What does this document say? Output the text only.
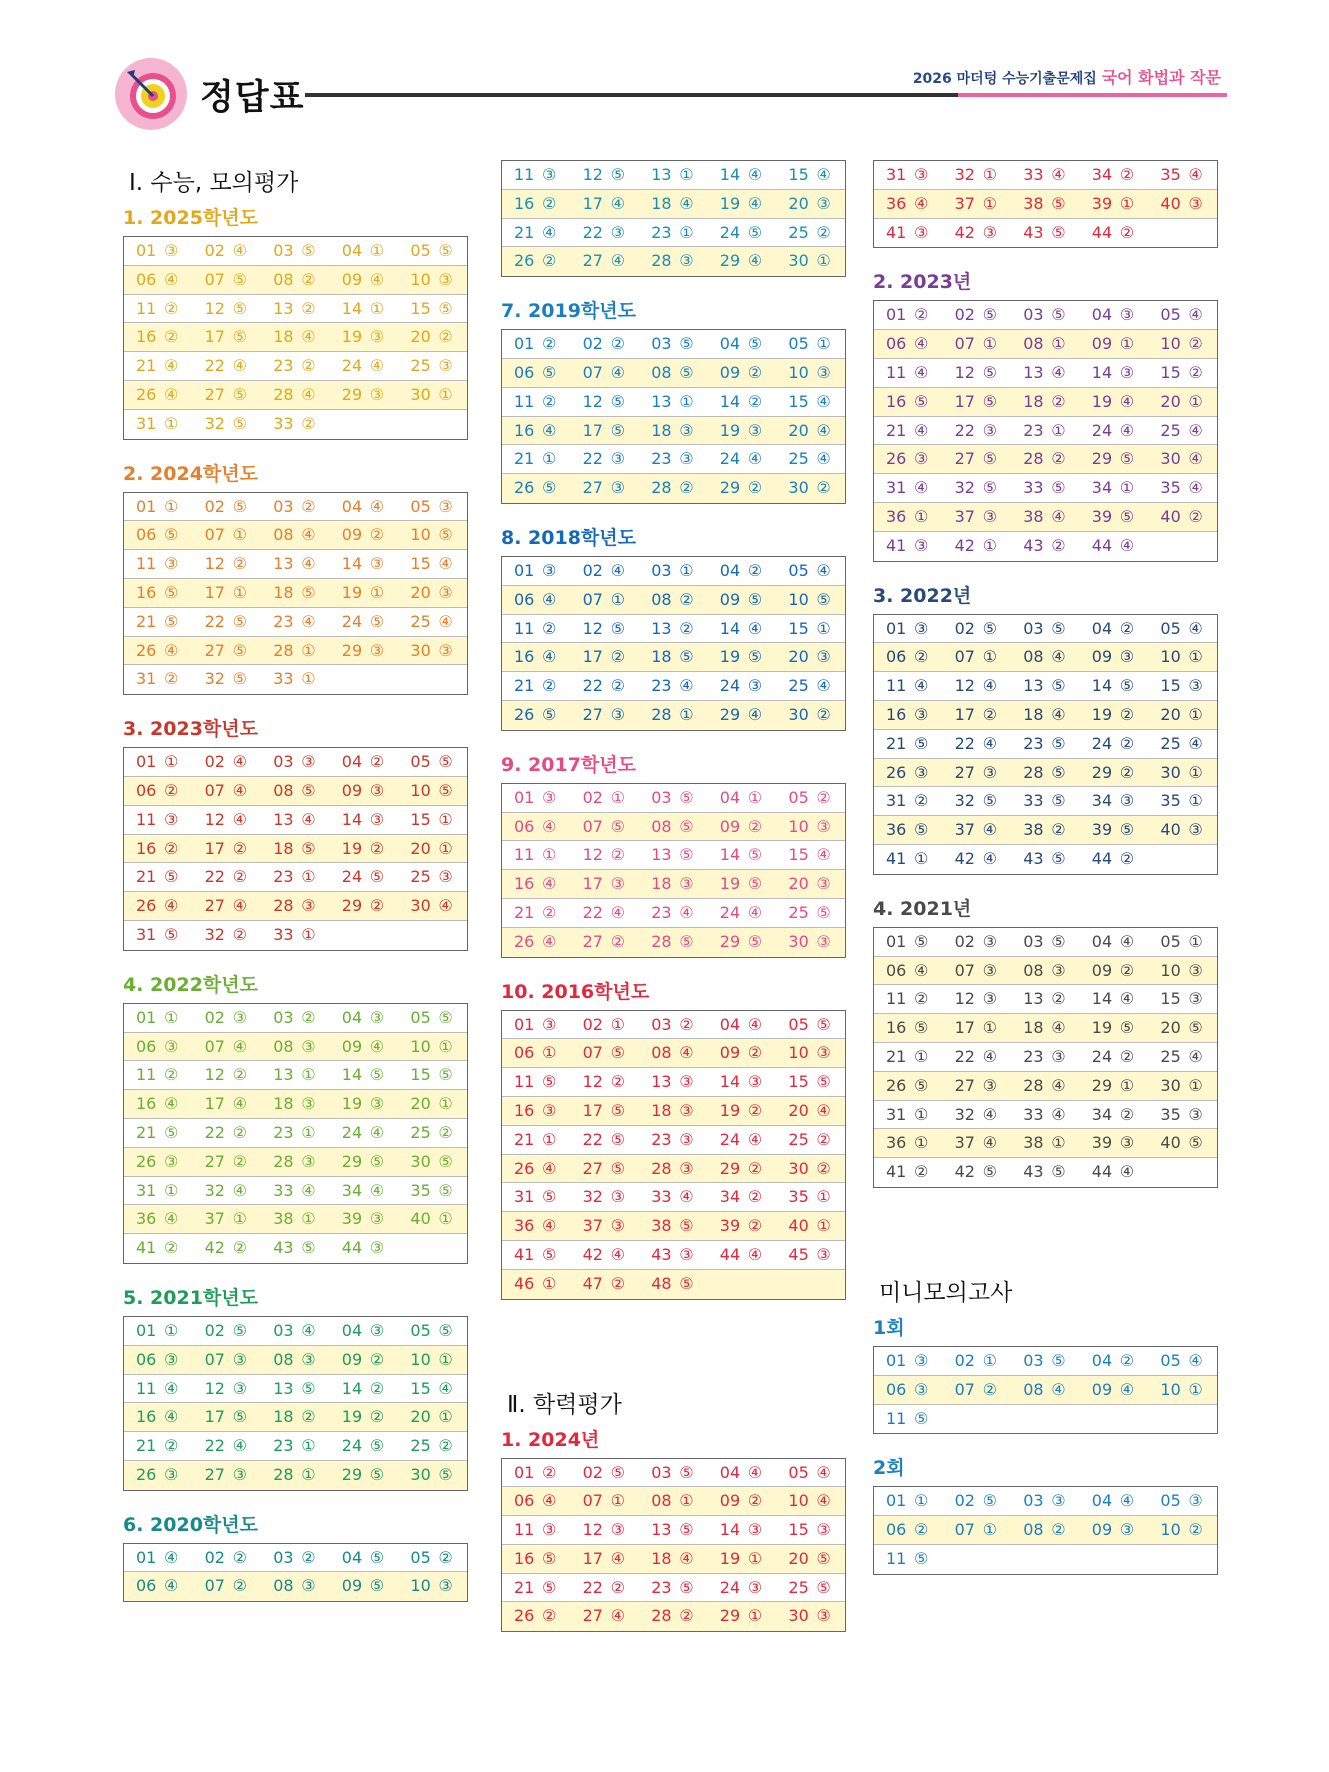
정답표	2026 마더텅 수능기출문제집 국어 화법과 작문
Ⅰ. 수능, 모의평가
1. 2025학년도
01 ③	02 ④	03 ⑤	04 ①	05 ⑤
06 ④	07 ⑤	08 ②	09 ④	10 ③
11 ②	12 ⑤	13 ②	14 ①	15 ⑤
16 ②	17 ⑤	18 ④	19 ③	20 ②
21 ④	22 ④	23 ②	24 ④	25 ③
26 ④	27 ⑤	28 ④	29 ③	30 ①
31 ①	32 ⑤	33 ②
2. 2024학년도
01 ①	02 ⑤	03 ②	04 ④	05 ③
06 ⑤	07 ①	08 ④	09 ②	10 ⑤
11 ③	12 ②	13 ④	14 ③	15 ④
16 ⑤	17 ①	18 ⑤	19 ①	20 ③
21 ⑤	22 ⑤	23 ④	24 ⑤	25 ④
26 ④	27 ⑤	28 ①	29 ③	30 ③
31 ②	32 ⑤	33 ①
3. 2023학년도
01 ①	02 ④	03 ③	04 ②	05 ⑤
06 ②	07 ④	08 ⑤	09 ③	10 ⑤
11 ③	12 ④	13 ④	14 ③	15 ①
16 ②	17 ②	18 ⑤	19 ②	20 ①
21 ⑤	22 ②	23 ①	24 ⑤	25 ③
26 ④	27 ④	28 ③	29 ②	30 ④
31 ⑤	32 ②	33 ①
4. 2022학년도
01 ①	02 ③	03 ②	04 ③	05 ⑤
06 ③	07 ④	08 ③	09 ④	10 ①
11 ②	12 ②	13 ①	14 ⑤	15 ⑤
16 ④	17 ④	18 ③	19 ③	20 ①
21 ⑤	22 ②	23 ①	24 ④	25 ②
26 ③	27 ②	28 ③	29 ⑤	30 ⑤
31 ①	32 ④	33 ④	34 ④	35 ⑤
36 ④	37 ①	38 ①	39 ③	40 ①
41 ②	42 ②	43 ⑤	44 ③
5. 2021학년도
01 ①	02 ⑤	03 ④	04 ③	05 ⑤
06 ③	07 ③	08 ③	09 ②	10 ①
11 ④	12 ③	13 ⑤	14 ②	15 ④
16 ④	17 ⑤	18 ②	19 ②	20 ①
21 ②	22 ④	23 ①	24 ⑤	25 ②
26 ③	27 ③	28 ①	29 ⑤	30 ⑤
6. 2020학년도
01 ④	02 ②	03 ②	04 ⑤	05 ②
06 ④	07 ②	08 ③	09 ⑤	10 ③
11 ③	12 ⑤	13 ①	14 ④	15 ④
16 ②	17 ④	18 ④	19 ④	20 ③
21 ④	22 ③	23 ①	24 ⑤	25 ②
26 ②	27 ④	28 ③	29 ④	30 ①
7. 2019학년도
01 ②	02 ②	03 ⑤	04 ⑤	05 ①
06 ⑤	07 ④	08 ⑤	09 ②	10 ③
11 ②	12 ⑤	13 ①	14 ②	15 ④
16 ④	17 ⑤	18 ③	19 ③	20 ④
21 ①	22 ③	23 ③	24 ④	25 ④
26 ⑤	27 ③	28 ②	29 ②	30 ②
8. 2018학년도
01 ③	02 ④	03 ①	04 ②	05 ④
06 ④	07 ①	08 ②	09 ⑤	10 ⑤
11 ②	12 ⑤	13 ②	14 ④	15 ①
16 ④	17 ②	18 ⑤	19 ⑤	20 ③
21 ②	22 ②	23 ④	24 ③	25 ④
26 ⑤	27 ③	28 ①	29 ④	30 ②
9. 2017학년도
01 ③	02 ①	03 ⑤	04 ①	05 ②
06 ④	07 ⑤	08 ⑤	09 ②	10 ③
11 ①	12 ②	13 ⑤	14 ⑤	15 ④
16 ④	17 ③	18 ③	19 ⑤	20 ③
21 ②	22 ④	23 ④	24 ④	25 ⑤
26 ④	27 ②	28 ⑤	29 ⑤	30 ③
10. 2016학년도
01 ③	02 ①	03 ②	04 ④	05 ⑤
06 ①	07 ⑤	08 ④	09 ②	10 ③
11 ⑤	12 ②	13 ③	14 ③	15 ⑤
16 ③	17 ⑤	18 ③	19 ②	20 ④
21 ①	22 ⑤	23 ③	24 ④	25 ②
26 ④	27 ⑤	28 ③	29 ②	30 ②
31 ⑤	32 ③	33 ④	34 ②	35 ①
36 ④	37 ③	38 ⑤	39 ②	40 ①
41 ⑤	42 ④	43 ③	44 ④	45 ③
46 ①	47 ②	48 ⑤
Ⅱ. 학력평가
1. 2024년
01 ②	02 ⑤	03 ⑤	04 ④	05 ④
06 ④	07 ①	08 ①	09 ②	10 ④
11 ③	12 ③	13 ⑤	14 ③	15 ③
16 ⑤	17 ④	18 ④	19 ①	20 ⑤
21 ⑤	22 ②	23 ⑤	24 ③	25 ⑤
26 ②	27 ④	28 ②	29 ①	30 ③
31 ③	32 ①	33 ④	34 ②	35 ④
36 ④	37 ①	38 ⑤	39 ①	40 ③
41 ③	42 ③	43 ⑤	44 ②
2. 2023년
01 ②	02 ⑤	03 ⑤	04 ③	05 ④
06 ④	07 ①	08 ①	09 ①	10 ②
11 ④	12 ⑤	13 ④	14 ③	15 ②
16 ⑤	17 ⑤	18 ②	19 ④	20 ①
21 ④	22 ③	23 ①	24 ④	25 ④
26 ③	27 ⑤	28 ②	29 ⑤	30 ④
31 ④	32 ⑤	33 ⑤	34 ①	35 ④
36 ①	37 ③	38 ④	39 ⑤	40 ②
41 ③	42 ①	43 ②	44 ④
3. 2022년
01 ③	02 ⑤	03 ⑤	04 ②	05 ④
06 ②	07 ①	08 ④	09 ③	10 ①
11 ④	12 ④	13 ⑤	14 ⑤	15 ③
16 ③	17 ②	18 ④	19 ②	20 ①
21 ⑤	22 ④	23 ⑤	24 ②	25 ④
26 ③	27 ③	28 ⑤	29 ②	30 ①
31 ②	32 ⑤	33 ⑤	34 ③	35 ①
36 ⑤	37 ④	38 ②	39 ⑤	40 ③
41 ①	42 ④	43 ⑤	44 ②
4. 2021년
01 ⑤	02 ③	03 ⑤	04 ④	05 ①
06 ④	07 ③	08 ③	09 ②	10 ③
11 ②	12 ③	13 ②	14 ④	15 ③
16 ⑤	17 ①	18 ④	19 ⑤	20 ⑤
21 ①	22 ④	23 ③	24 ②	25 ④
26 ⑤	27 ③	28 ④	29 ①	30 ①
31 ①	32 ④	33 ④	34 ②	35 ③
36 ①	37 ④	38 ①	39 ③	40 ⑤
41 ②	42 ⑤	43 ⑤	44 ④
미니모의고사
1회
01 ③	02 ①	03 ⑤	04 ②	05 ④
06 ③	07 ②	08 ④	09 ④	10 ①
11 ⑤
2회
01 ①	02 ⑤	03 ③	04 ④	05 ③
06 ②	07 ①	08 ②	09 ③	10 ②
11 ⑤
